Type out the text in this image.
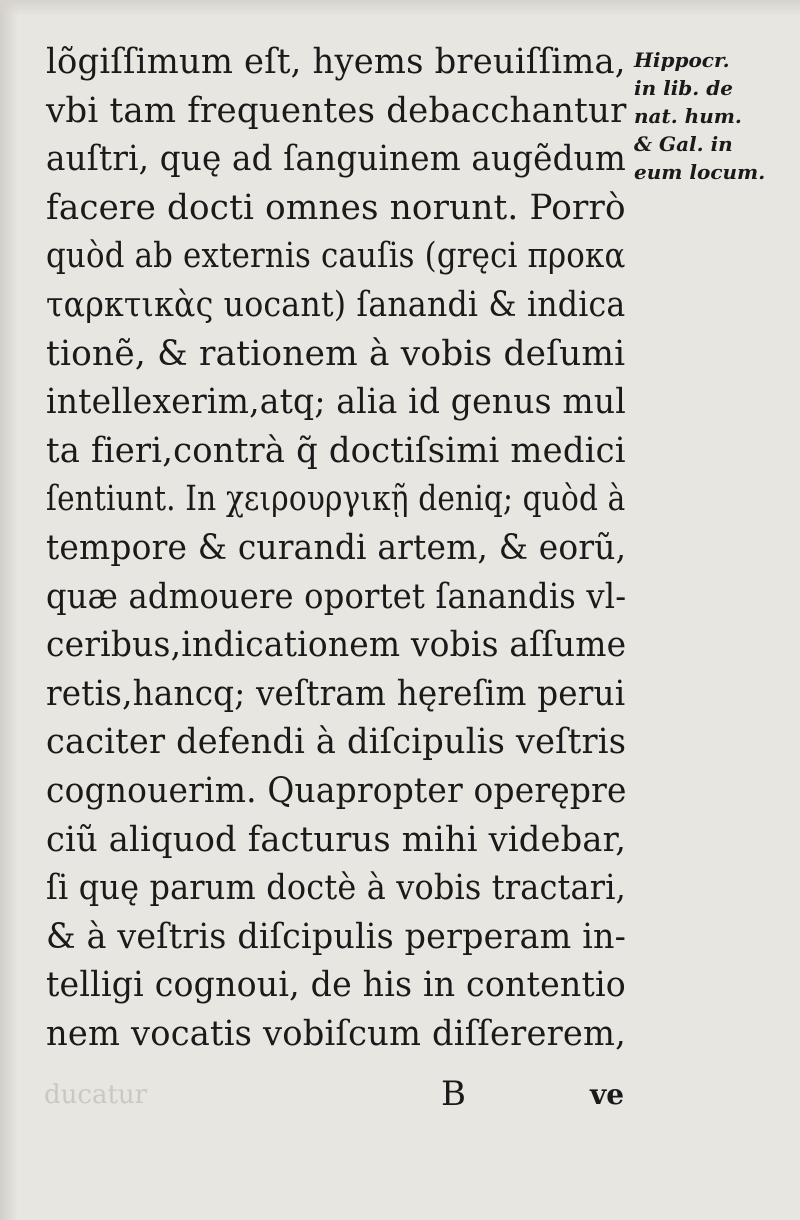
lõgiſſimum eſt, hyems breuiſſima,
vbi tam frequentes debacchantur
auſtri, quę ad ſanguinem augẽdum
facere docti omnes norunt. Porrò
quòd ab externis cauſis (gręci προκα
ταρκτικὰς uocant) ſanandi & indica
tionẽ, & rationem à vobis deſumi
intellexerim,atq; alia id genus mul
ta fieri,contrà q̃ doctiſsimi medici
ſentiunt. In χειρουργικῇ deniq; quòd à
tempore & curandi artem, & eorũ,
quæ admouere oportet ſanandis vl-
ceribus,indicationem vobis aſſume
retis,hancq; veſtram hęreſim perui
caciter defendi à diſcipulis veſtris
cognouerim. Quapropter operępre
ciũ aliquod facturus mihi videbar,
ſi quę parum doctè à vobis tractari,
& à veſtris diſcipulis perperam in-
telligi cognoui, de his in contentio
nem vocatis vobiſcum diſſererem,
Hippocr.
in lib. de
nat. hum.
& Gal. in
eum locum.
ducatur	B	ve
